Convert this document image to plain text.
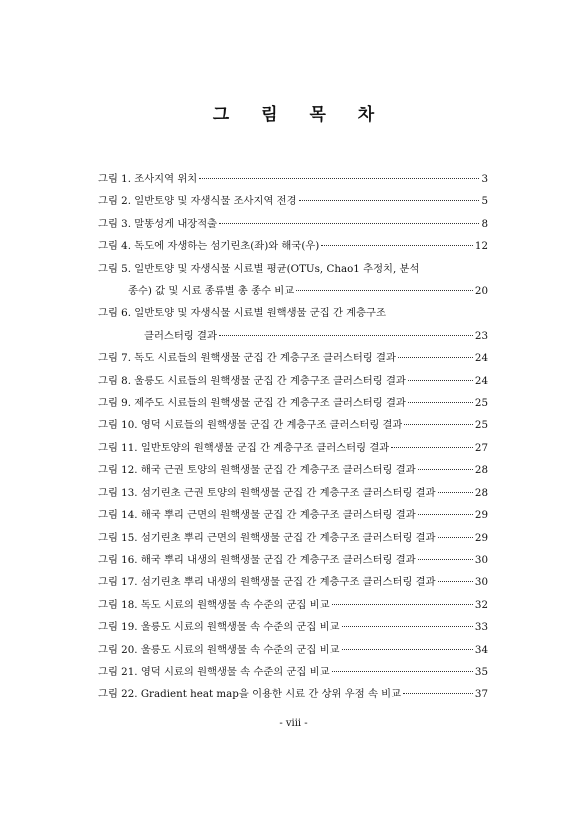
그 림 목 차
그림 1. 조사지역 위치	3
그림 2. 일반토양 및 자생식물 조사지역 전경	5
그림 3. 말똥성게 내장적출	8
그림 4. 독도에 자생하는 섬기린초(좌)와 해국(우)	12
그림 5. 일반토양 및 자생식물 시료별 평균(OTUs, Chao1 추정치, 분석
종수) 값 및 시료 종류별 총 종수 비교	20
그림 6. 일반토양 및 자생식물 시료별 원핵생물 군집 간 계층구조
클러스터링 결과	23
그림 7. 독도 시료들의 원핵생물 군집 간 계층구조 클러스터링 결과	24
그림 8. 울릉도 시료들의 원핵생물 군집 간 계층구조 클러스터링 결과	24
그림 9. 제주도 시료들의 원핵생물 군집 간 계층구조 클러스터링 결과	25
그림 10. 영덕 시료들의 원핵생물 군집 간 계층구조 클러스터링 결과	25
그림 11. 일반토양의 원핵생물 군집 간 계층구조 클러스터링 결과	27
그림 12. 해국 근권 토양의 원핵생물 군집 간 계층구조 클러스터링 결과	28
그림 13. 섬기린초 근권 토양의 원핵생물 군집 간 계층구조 클러스터링 결과	28
그림 14. 해국 뿌리 근면의 원핵생물 군집 간 계층구조 클러스터링 결과	29
그림 15. 섬기린초 뿌리 근면의 원핵생물 군집 간 계층구조 클러스터링 결과	29
그림 16. 해국 뿌리 내생의 원핵생물 군집 간 계층구조 클러스터링 결과	30
그림 17. 섬기린초 뿌리 내생의 원핵생물 군집 간 계층구조 클러스터링 결과	30
그림 18. 독도 시료의 원핵생물 속 수준의 군집 비교	32
그림 19. 울릉도 시료의 원핵생물 속 수준의 군집 비교	33
그림 20. 울릉도 시료의 원핵생물 속 수준의 군집 비교	34
그림 21. 영덕 시료의 원핵생물 속 수준의 군집 비교	35
그림 22. Gradient heat map을 이용한 시료 간 상위 우점 속 비교	37
- viii -
